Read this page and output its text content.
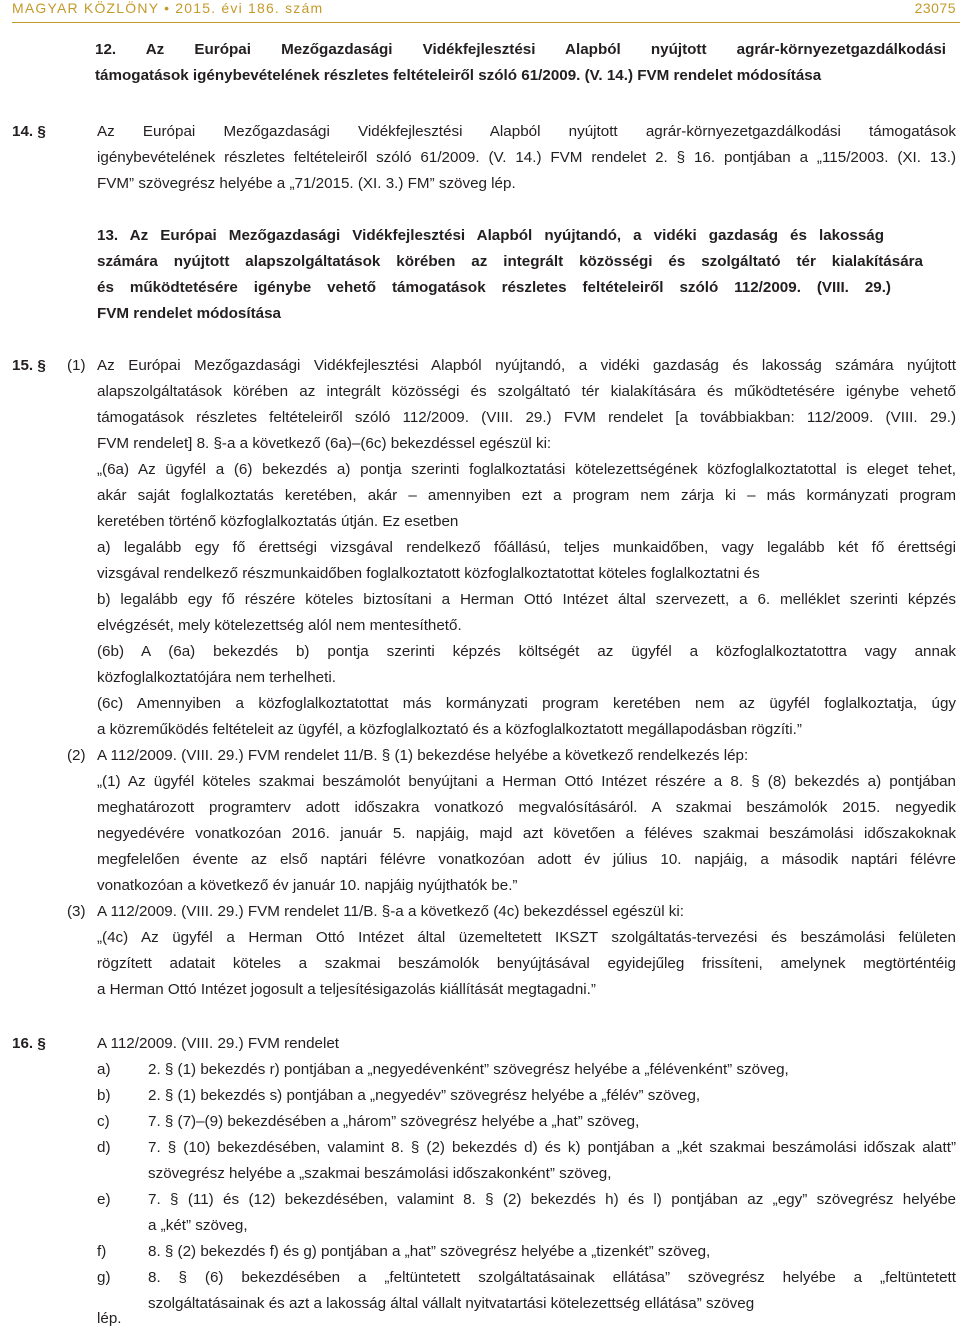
MAGYAR KÖZLÖNY • 2015. évi 186. szám	23075
12. Az Európai Mezőgazdasági Vidékfejlesztési Alapból nyújtott agrár-környezetgazdálkodási
támogatások igénybevételének részletes feltételeiről szóló 61/2009. (V. 14.) FVM rendelet módosítása
14. §	Az Európai Mezőgazdasági Vidékfejlesztési Alapból nyújtott agrár-környezetgazdálkodási támogatások
igénybevételének részletes feltételeiről szóló 61/2009. (V. 14.) FVM rendelet 2. § 16. pontjában a „115/2003. (XI. 13.)
FVM” szövegrész helyébe a „71/2015. (XI. 3.) FM” szöveg lép.
13. Az Európai Mezőgazdasági Vidékfejlesztési Alapból nyújtandó, a vidéki gazdaság és lakosság
számára nyújtott alapszolgáltatások körében az integrált közösségi és szolgáltató tér kialakítására
és működtetésére igénybe vehető támogatások részletes feltételeiről szóló 112/2009. (VIII. 29.)
FVM rendelet módosítása
15. § (1) Az Európai Mezőgazdasági Vidékfejlesztési Alapból nyújtandó, a vidéki gazdaság és lakosság számára nyújtott
alapszolgáltatások körében az integrált közösségi és szolgáltató tér kialakítására és működtetésére igénybe vehető
támogatások részletes feltételeiről szóló 112/2009. (VIII. 29.) FVM rendelet [a továbbiakban: 112/2009. (VIII. 29.)
FVM rendelet] 8. §-a a következő (6a)–(6c) bekezdéssel egészül ki:
„(6a) Az ügyfél a (6) bekezdés a) pontja szerinti foglalkoztatási kötelezettségének közfoglalkoztatottal is eleget tehet,
akár saját foglalkoztatás keretében, akár – amennyiben ezt a program nem zárja ki – más kormányzati program
keretében történő közfoglalkoztatás útján. Ez esetben
a) legalább egy fő érettségi vizsgával rendelkező főállású, teljes munkaidőben, vagy legalább két fő érettségi
vizsgával rendelkező részmunkaidőben foglalkoztatott közfoglalkoztatottat köteles foglalkoztatni és
b) legalább egy fő részére köteles biztosítani a Herman Ottó Intézet által szervezett, a 6. melléklet szerinti képzés
elvégzését, mely kötelezettség alól nem mentesíthető.
(6b) A (6a) bekezdés b) pontja szerinti képzés költségét az ügyfél a közfoglalkoztatottra vagy annak
közfoglalkoztatójára nem terhelheti.
(6c) Amennyiben a közfoglalkoztatottat más kormányzati program keretében nem az ügyfél foglalkoztatja, úgy
a közreműködés feltételeit az ügyfél, a közfoglalkoztató és a közfoglalkoztatott megállapodásban rögzíti.”
(2) A 112/2009. (VIII. 29.) FVM rendelet 11/B. § (1) bekezdése helyébe a következő rendelkezés lép:
„(1) Az ügyfél köteles szakmai beszámolót benyújtani a Herman Ottó Intézet részére a 8. § (8) bekezdés a) pontjában
meghatározott programterv adott időszakra vonatkozó megvalósításáról. A szakmai beszámolók 2015. negyedik
negyedévére vonatkozóan 2016. január 5. napjáig, majd azt követően a féléves szakmai beszámolási időszakoknak
megfelelően évente az első naptári félévre vonatkozóan adott év július 10. napjáig, a második naptári félévre
vonatkozóan a következő év január 10. napjáig nyújthatók be.”
(3) A 112/2009. (VIII. 29.) FVM rendelet 11/B. §-a a következő (4c) bekezdéssel egészül ki:
„(4c) Az ügyfél a Herman Ottó Intézet által üzemeltetett IKSZT szolgáltatás-tervezési és beszámolási felületen
rögzített adatait köteles a szakmai beszámolók benyújtásával egyidejűleg frissíteni, amelynek megtörténtéig
a Herman Ottó Intézet jogosult a teljesítésigazolás kiállítását megtagadni.”
16. §	A 112/2009. (VIII. 29.) FVM rendelet
a) 2. § (1) bekezdés r) pontjában a „negyedévenként” szövegrész helyébe a „félévenként” szöveg,
b) 2. § (1) bekezdés s) pontjában a „negyedév” szövegrész helyébe a „félév” szöveg,
c)	7. § (7)–(9) bekezdésében a „három” szövegrész helyébe a „hat” szöveg,
d) 7. § (10) bekezdésében, valamint 8. § (2) bekezdés d) és k) pontjában a „két szakmai beszámolási időszak alatt”
szövegrész helyébe a „szakmai beszámolási időszakonként” szöveg,
e) 7. § (11) és (12) bekezdésében, valamint 8. § (2) bekezdés h) és l) pontjában az „egy” szövegrész helyébe
a „két” szöveg,
f)	8. § (2) bekezdés f) és g) pontjában a „hat” szövegrész helyébe a „tizenkét” szöveg,
g) 8. § (6) bekezdésében a „feltüntetett szolgáltatásainak ellátása” szövegrész helyébe a „feltüntetett
szolgáltatásainak és azt a lakosság által vállalt nyitvatartási kötelezettség ellátása” szöveg
lép.
